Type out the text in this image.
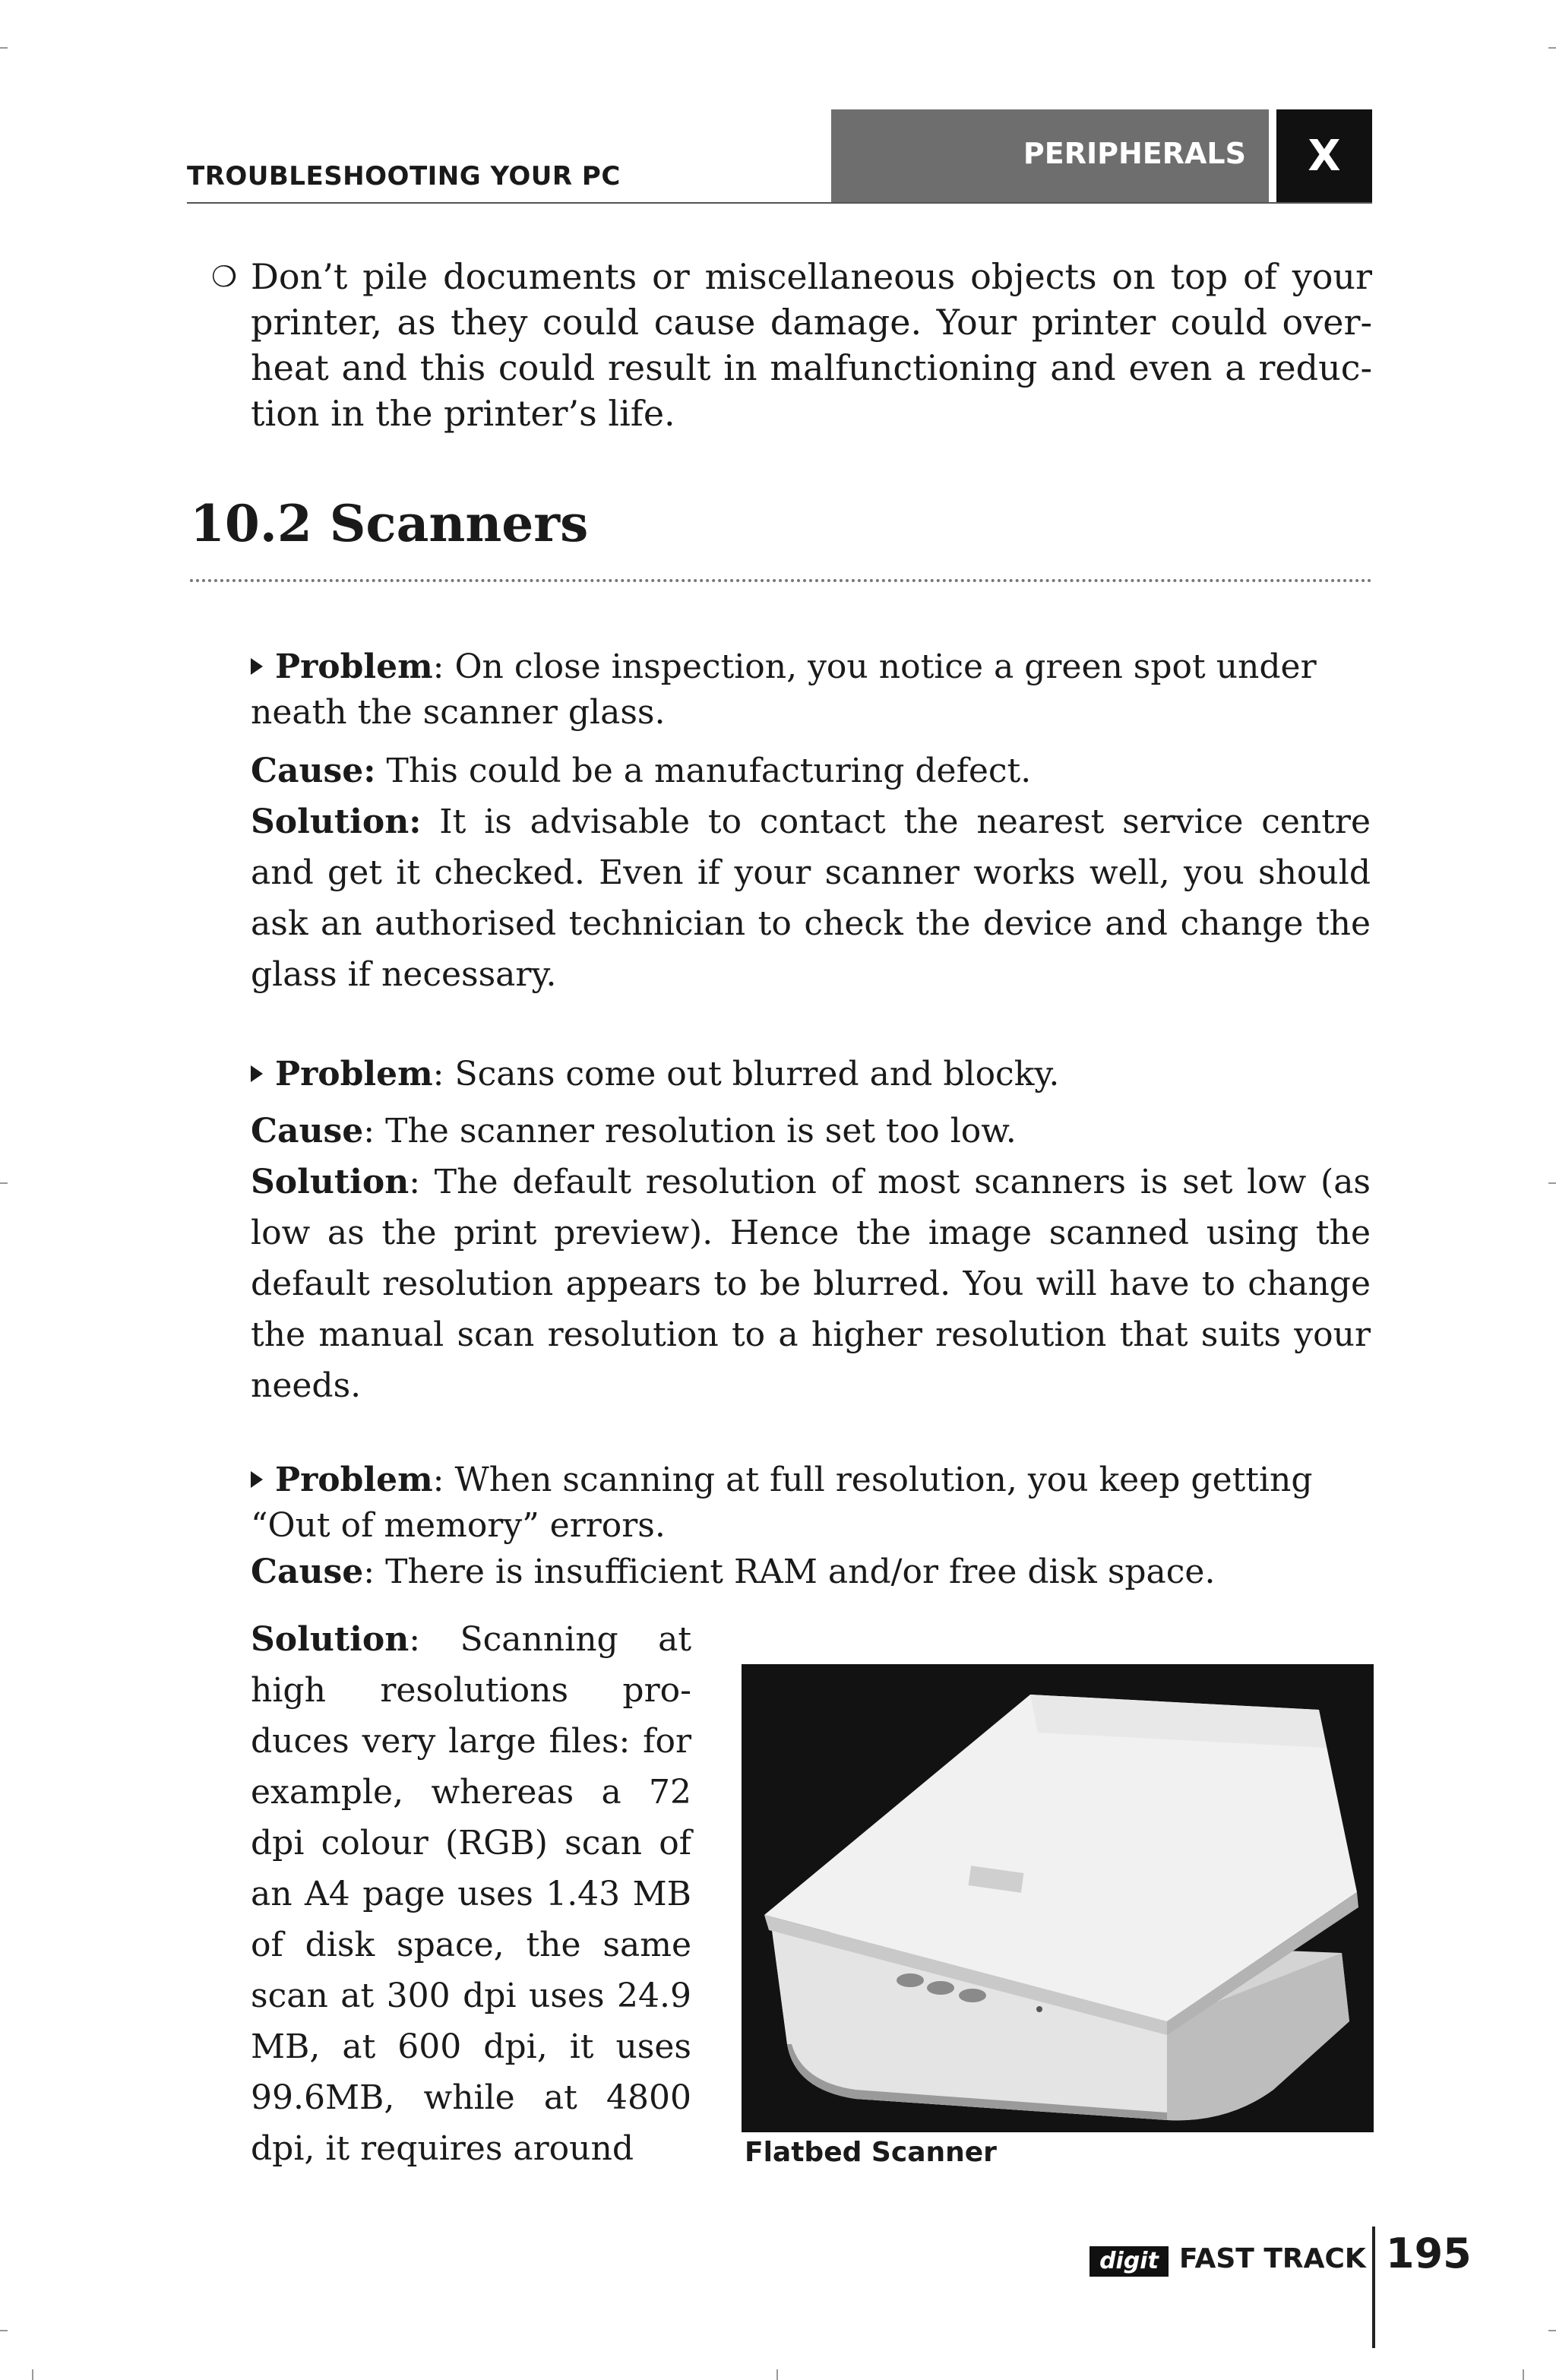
TROUBLESHOOTING YOUR PC
PERIPHERALS	X
❍ Don’t pile documents or miscellaneous objects on top of your printer, as they could cause damage. Your printer could over-heat and this could result in malfunctioning and even a reduc-tion in the printer’s life.
10.2 Scanners
Problem: On close inspection, you notice a green spot under neath the scanner glass.
Cause: This could be a manufacturing defect.
Solution: It is advisable to contact the nearest service centre and get it checked. Even if your scanner works well, you should ask an authorised technician to check the device and change the glass if necessary.
Problem: Scans come out blurred and blocky.
Cause: The scanner resolution is set too low.
Solution: The default resolution of most scanners is set low (as low as the print preview). Hence the image scanned using the default resolution appears to be blurred. You will have to change the manual scan resolution to a higher resolution that suits your needs.
Problem: When scanning at full resolution, you keep getting “Out of memory” errors.
Cause: There is insufficient RAM and/or free disk space.
Solution: Scanning at high resolutions pro-duces very large files: for example, whereas a 72 dpi colour (RGB) scan of an A4 page uses 1.43 MB of disk space, the same scan at 300 dpi uses 24.9 MB, at 600 dpi, it uses 99.6MB, while at 4800 dpi, it requires around	Flatbed Scanner
digit FAST TRACK 195
